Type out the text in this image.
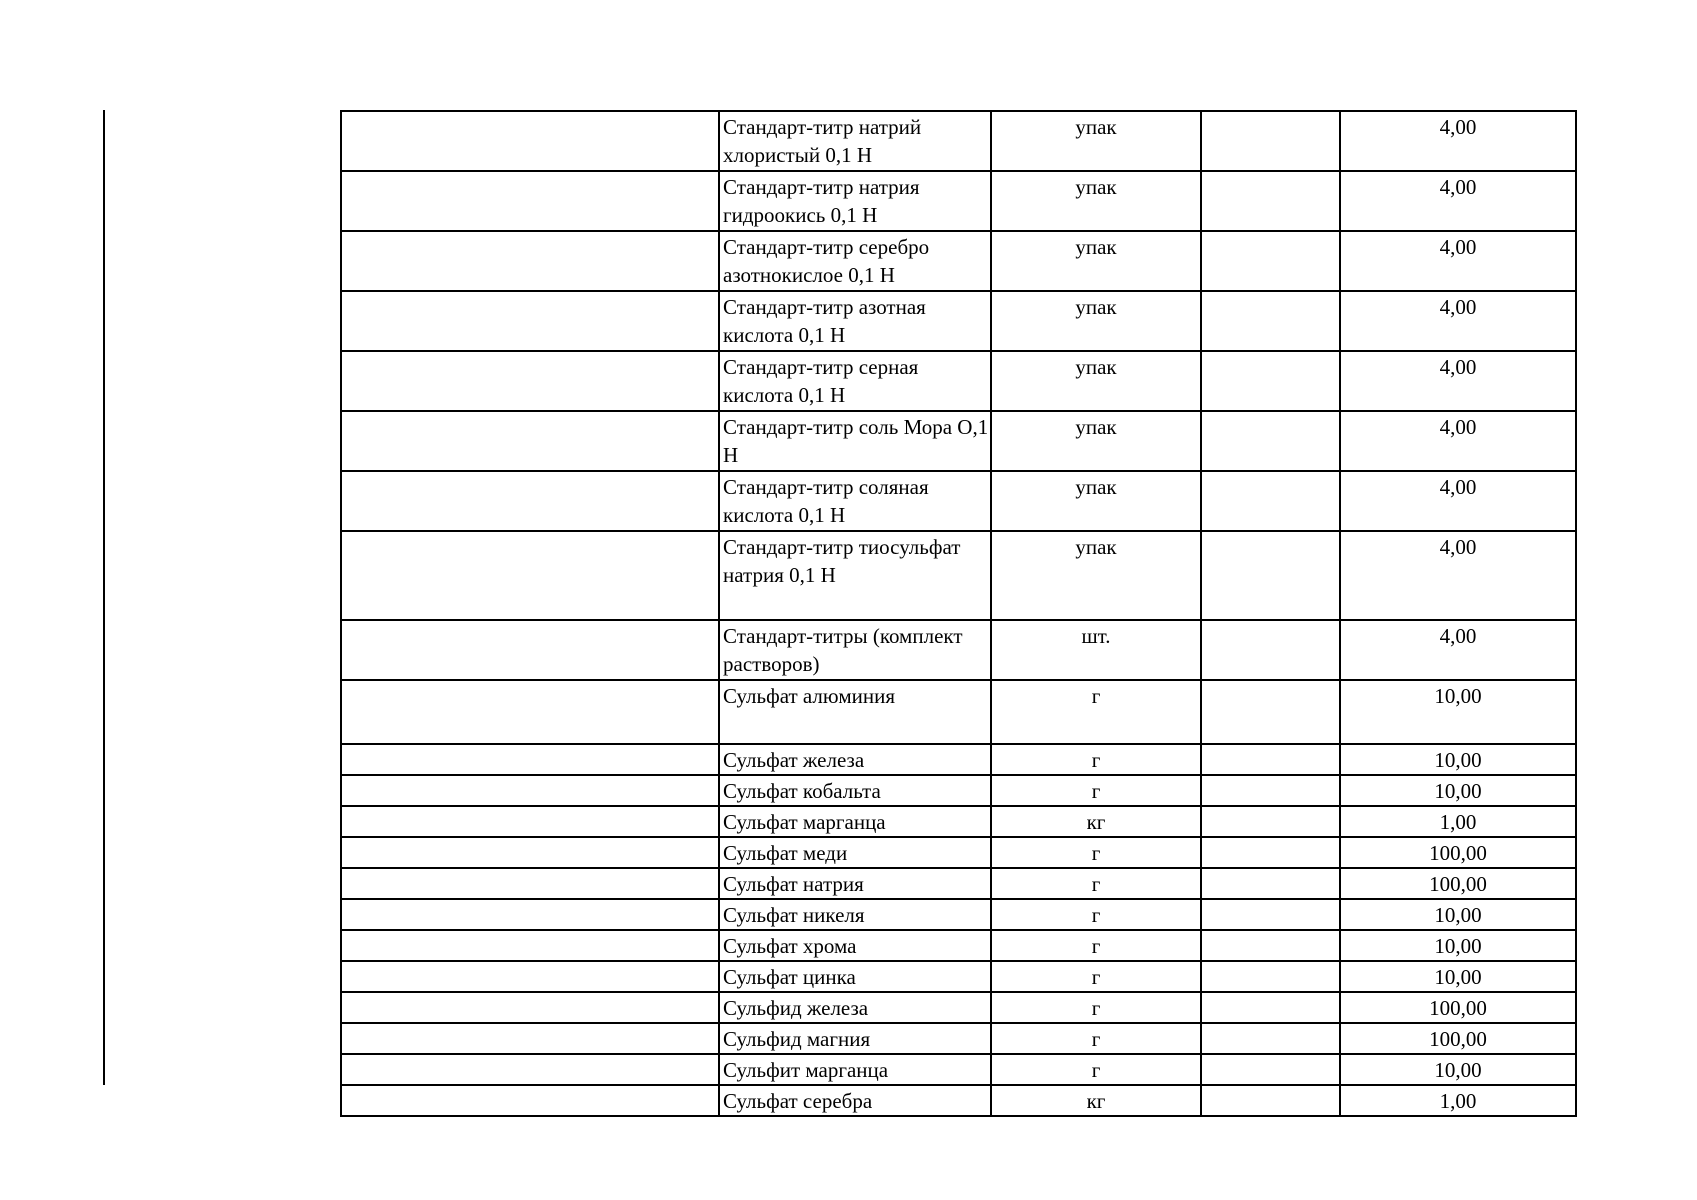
	Стандарт-титр натрий хлористый 0,1 Н	упак		4,00
	Стандарт-титр натрия гидроокись 0,1 Н	упак		4,00
	Стандарт-титр серебро азотнокислое 0,1 Н	упак		4,00
	Стандарт-титр азотная кислота 0,1 Н	упак		4,00
	Стандарт-титр серная кислота 0,1 Н	упак		4,00
	Стандарт-титр соль Мора О,1 Н	упак		4,00
	Стандарт-титр соляная кислота 0,1 Н	упак		4,00
	Стандарт-титр тиосульфат натрия 0,1 Н	упак		4,00
	Стандарт-титры (комплект растворов)	шт.		4,00
	Сульфат алюминия	г		10,00
	Сульфат железа	г		10,00
	Сульфат кобальта	г		10,00
	Сульфат марганца	кг		1,00
	Сульфат меди	г		100,00
	Сульфат натрия	г		100,00
	Сульфат никеля	г		10,00
	Сульфат хрома	г		10,00
	Сульфат цинка	г		10,00
	Сульфид железа	г		100,00
	Сульфид магния	г		100,00
	Сульфит марганца	г		10,00
	Сульфат серебра	кг		1,00
